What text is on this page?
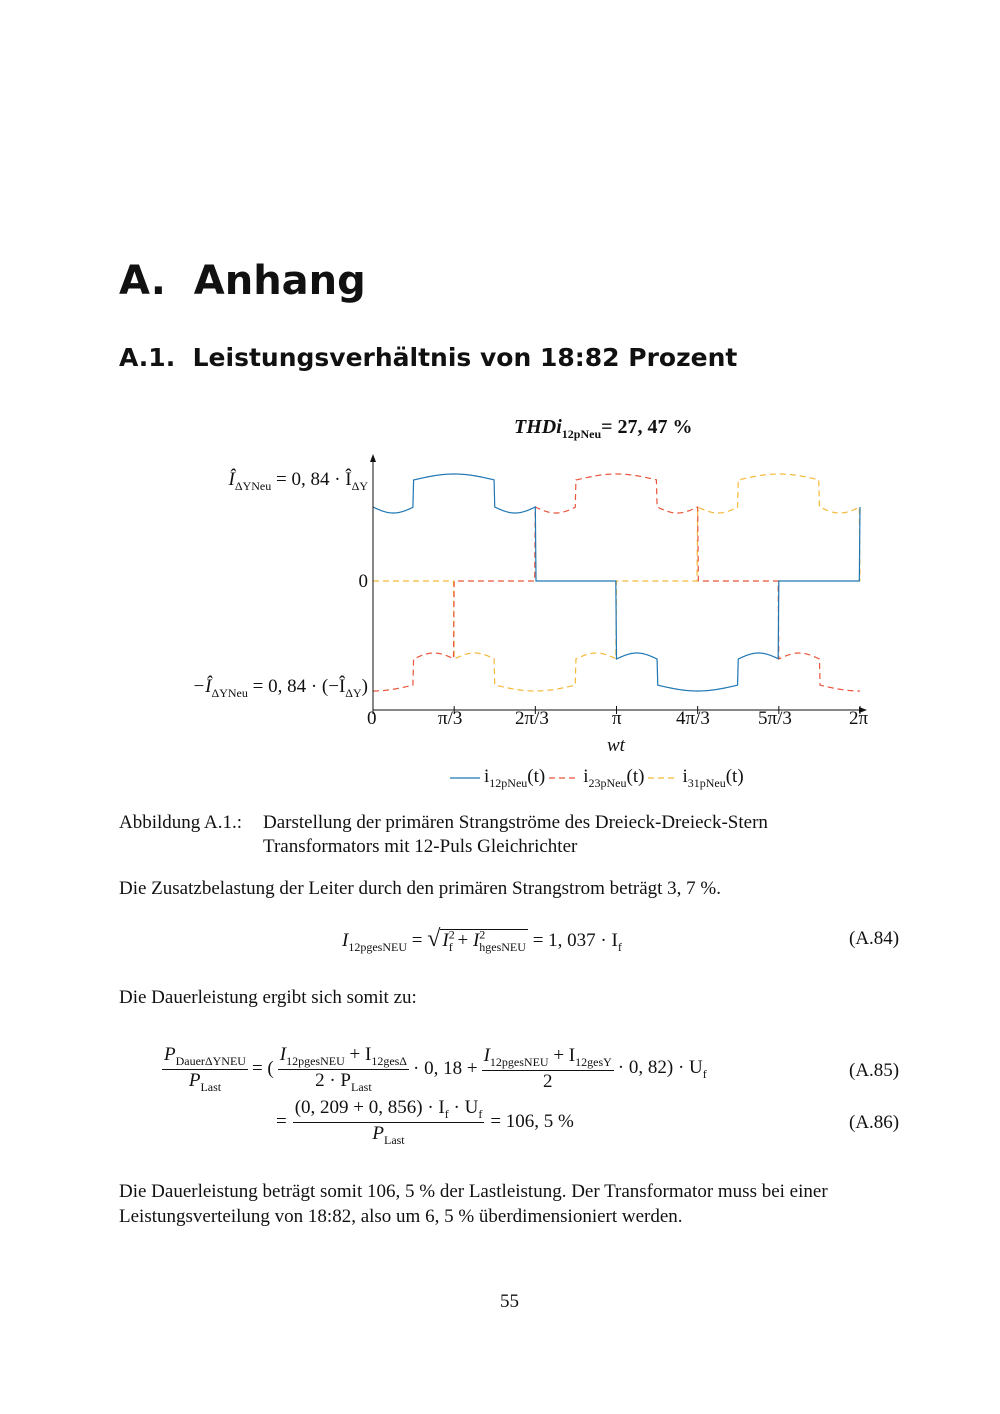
A. Anhang
A.1. Leistungsverhältnis von 18:82 Prozent
THDi$_{12pNeu}$= 27, 47 %
$Î_{\Delta YNeu} = 0$, $84 \cdot Î_{\Delta Y}$
0
$-Î_{\Delta YNeu} = 0$, $84 \cdot (-Î_{\Delta Y})$
0	π/3	2π/3	π	4π/3	5π/3	2π
wt
$i_{12pNeu}(t)$ $i_{23pNeu}(t)$ $i_{31pNeu}(t)$
Abbildung A.1.: Darstellung der primären Strangströme des Dreieck-Dreieck-Stern
Transformators mit 12-Puls Gleichrichter
Die Zusatzbelastung der Leiter durch den primären Strangstrom beträgt 3, 7 %.
$I_{12pgesNEU}$ = √ $I^2_f + I^2_{hgesNEU} = 1$, $037 \cdot I_f$	(A.84)
Die Dauerleistung ergibt sich somit zu:
$\frac{P_{Dauer\Delta YNEU}}{P_{Last}}$ = ( $\frac{I_{12pgesNEU} + I_{12ges\Delta}}{2 \cdot P_{Last}} \cdot 0$, $18 + \frac{I_{12pgesNEU} + I_{12gesY}}{2} \cdot 0$, $82) \cdot U_f$	(A.85)
= $\frac{(0, 209 + 0, 856) \cdot I_f \cdot U_f}{P_{Last}} = 106$, 5 %	(A.86)
Die Dauerleistung beträgt somit 106, 5 % der Lastleistung. Der Transformator muss bei einer
Leistungsverteilung von 18:82, also um 6, 5 % überdimensioniert werden.
55
